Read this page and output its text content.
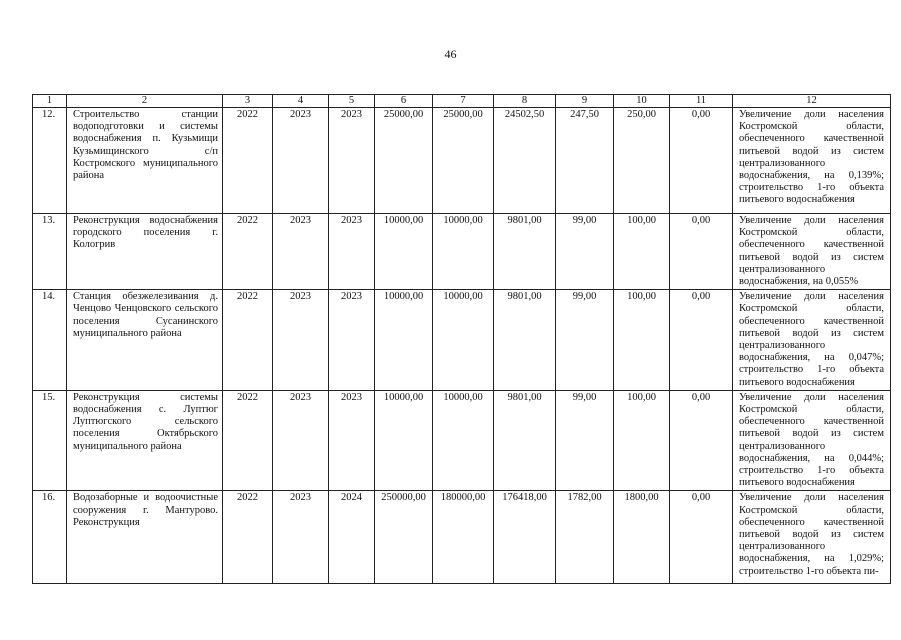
46
1	2	3	4	5	6	7	8	9	10	11	12
12.	Строительство станции водоподготовки и системы водоснабжения п. Кузьмищи Кузьмищинского с/п Костромского муниципального района	2022	2023	2023	25000,00	25000,00	24502,50	247,50	250,00	0,00	Увеличение доли населения Костромской области, обеспеченного качественной питьевой водой из систем централизованного водоснабжения, на 0,139%; строительство 1-го объекта питьевого водоснабжения
13.	Реконструкция водоснабжения городского поселения г. Кологрив	2022	2023	2023	10000,00	10000,00	9801,00	99,00	100,00	0,00	Увеличение доли населения Костромской области, обеспеченного качественной питьевой водой из систем централизованного водоснабжения, на 0,055%
14.	Станция обезжелезивания д. Ченцово Ченцовского сельского поселения Сусанинского муниципального района	2022	2023	2023	10000,00	10000,00	9801,00	99,00	100,00	0,00	Увеличение доли населения Костромской области, обеспеченного качественной питьевой водой из систем централизованного водоснабжения, на 0,047%; строительство 1-го объекта питьевого водоснабжения
15.	Реконструкция системы водоснабжения с. Луптюг Луптюгского сельского поселения Октябрьского муниципального района	2022	2023	2023	10000,00	10000,00	9801,00	99,00	100,00	0,00	Увеличение доли населения Костромской области, обеспеченного качественной питьевой водой из систем централизованного водоснабжения, на 0,044%; строительство 1-го объекта питьевого водоснабжения
16.	Водозаборные и водоочистные сооружения г. Мантурово. Реконструкция	2022	2023	2024	250000,00	180000,00	176418,00	1782,00	1800,00	0,00	Увеличение доли населения Костромской области, обеспеченного качественной питьевой водой из систем централизованного водоснабжения, на 1,029%; строительство 1-го объекта пи-
